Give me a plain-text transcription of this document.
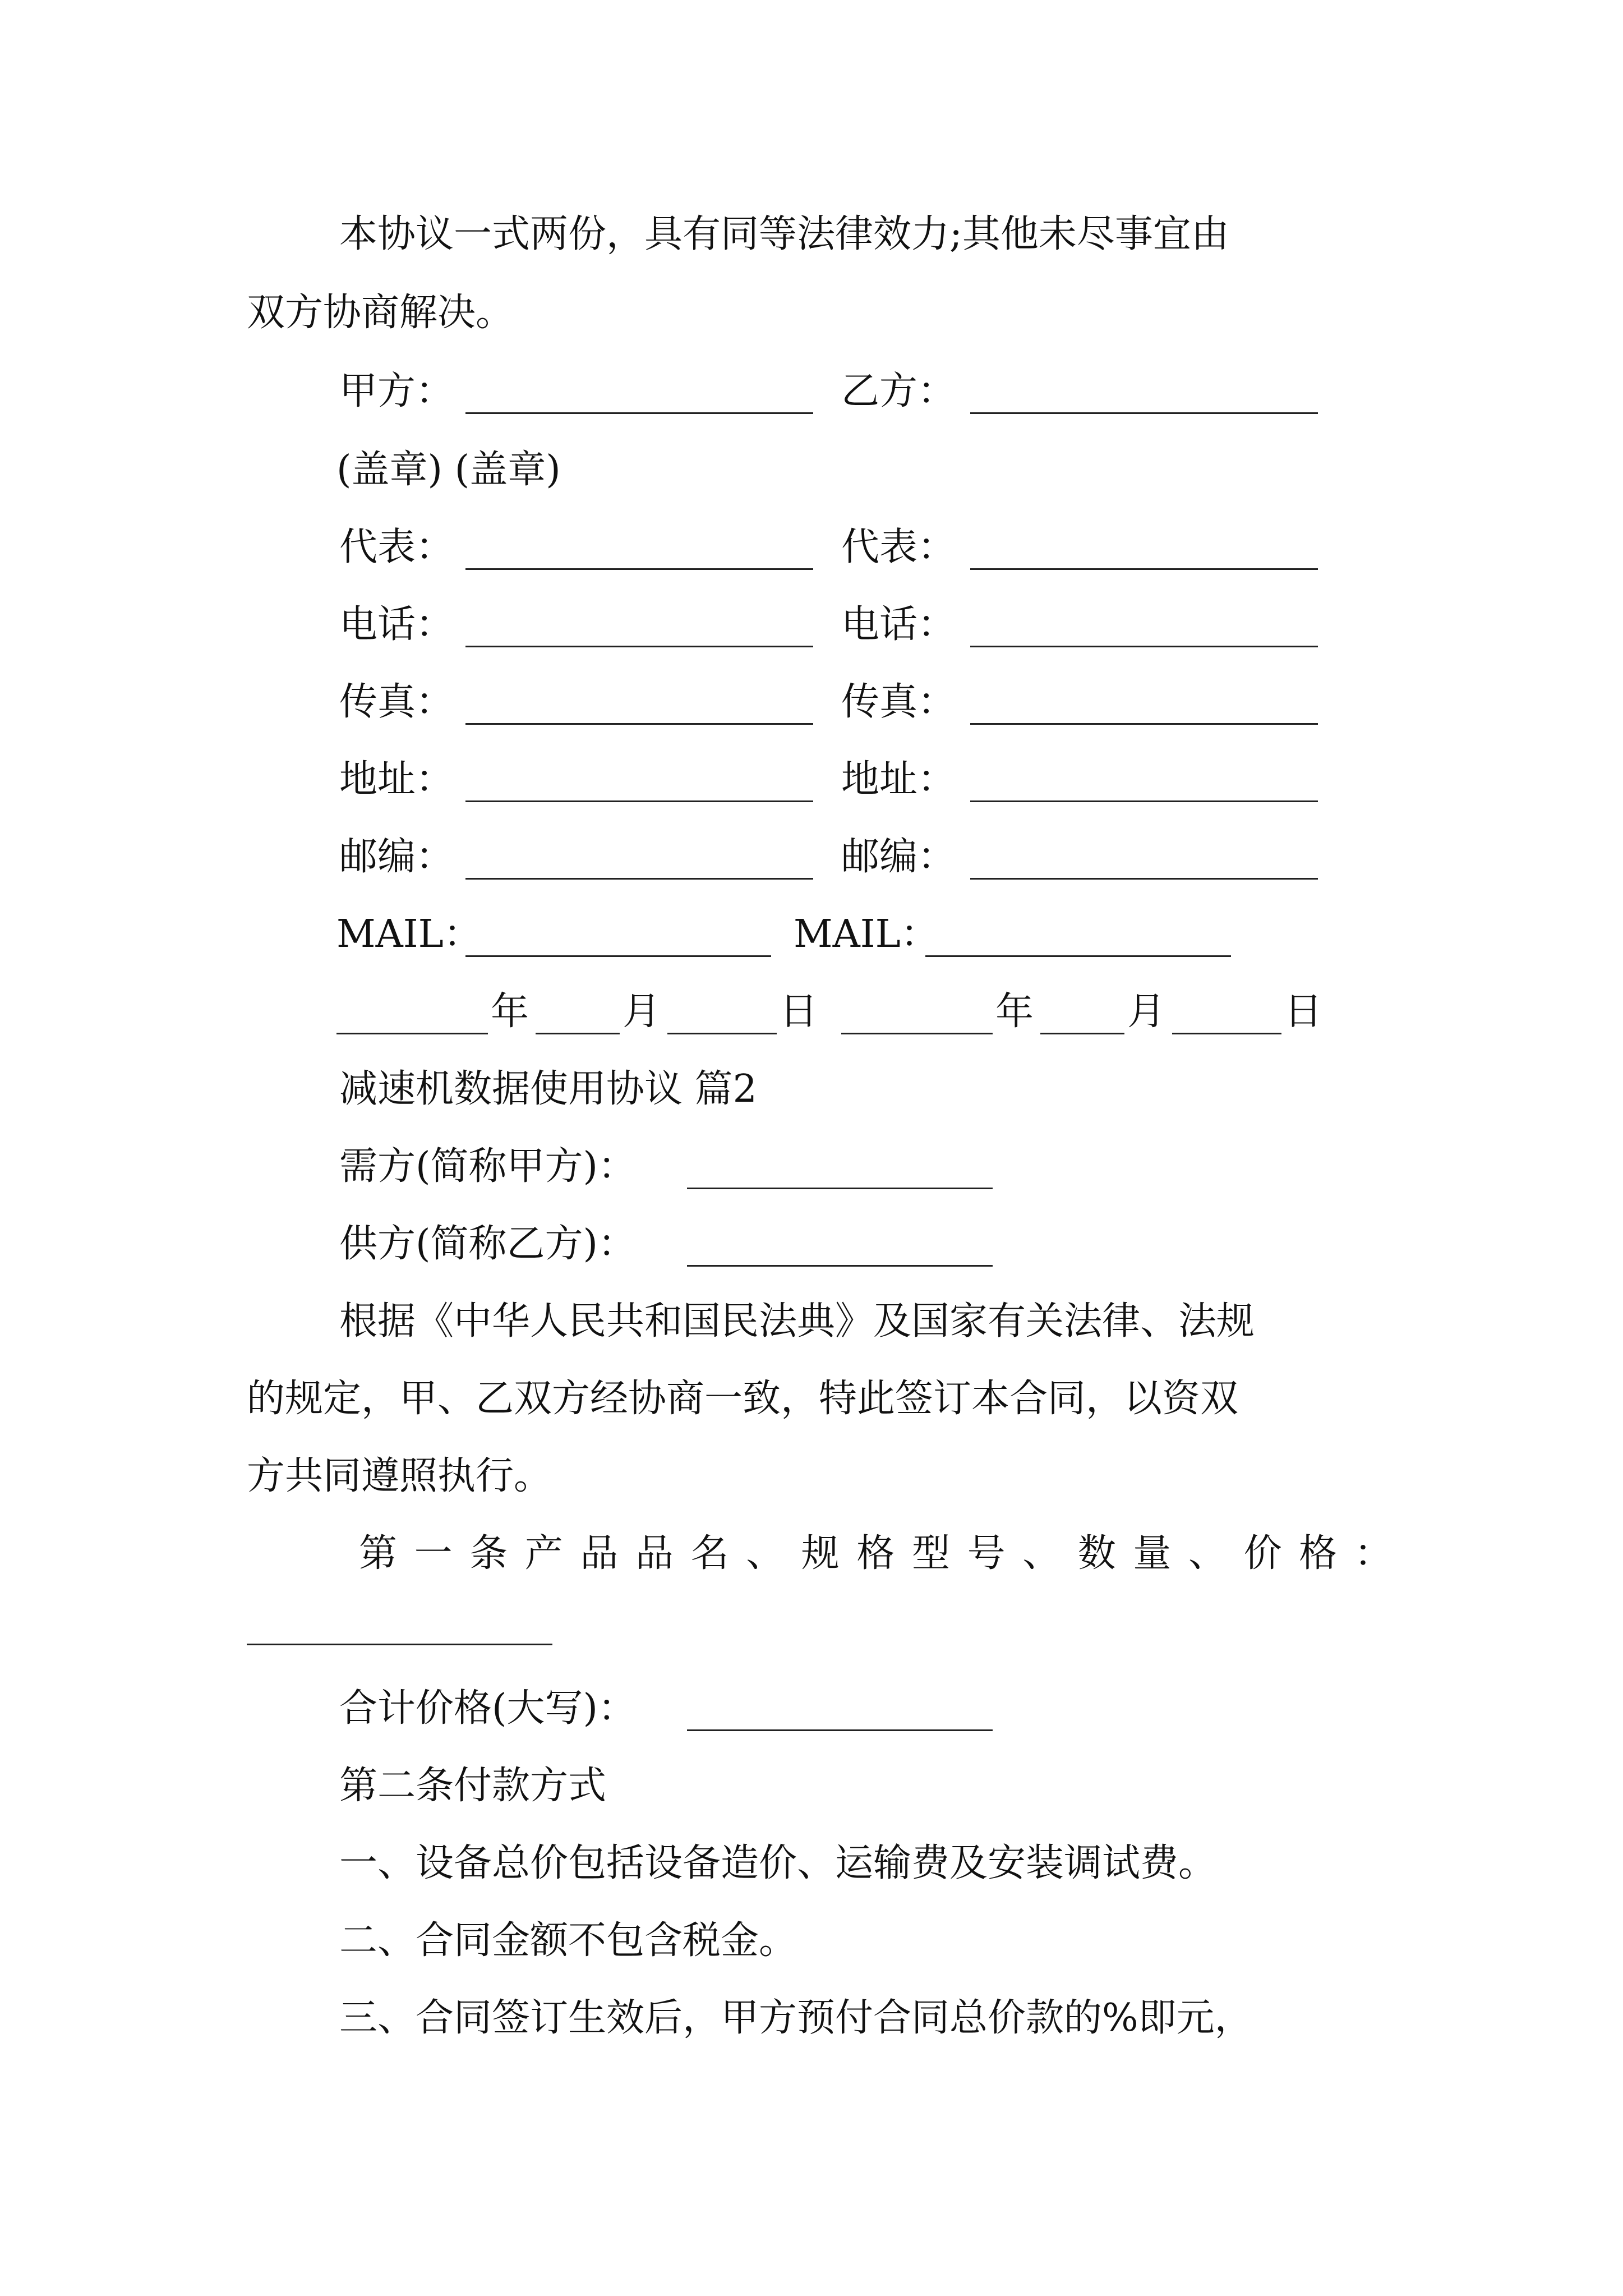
本协议一式两份，具有同等法律效力;其他未尽事宜由
双方协商解决。
甲方：	乙方：
(盖章) (盖章)
代表：	代表：
电话：	电话：
传真：	传真：
地址：	地址：
邮编：	邮编：
MAIL：	MAIL：
年 月	日	年 月	日
减速机数据使用协议 篇2
需方(简称甲方)：
供方(简称乙方)：
根据《中华人民共和国民法典》及国家有关法律、法规
的规定，甲、乙双方经协商一致，特此签订本合同，以资双
方共同遵照执行。
第一条产品品名、规格型号、数量、价格：
合计价格(大写)：
第二条付款方式
一、设备总价包括设备造价、运输费及安装调试费。
二、合同金额不包含税金。
三、合同签订生效后，甲方预付合同总价款的%即元，
